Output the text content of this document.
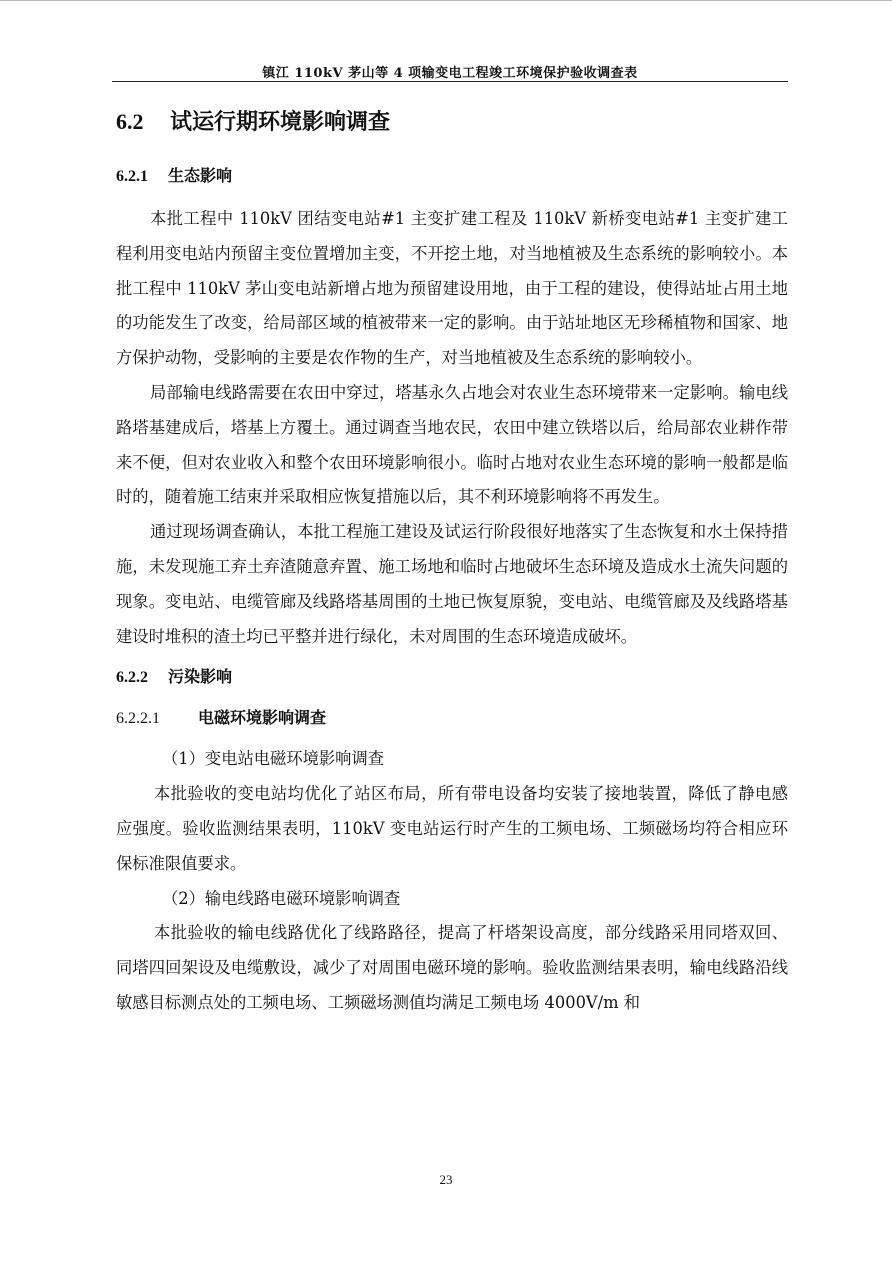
镇江 110kV 茅山等 4 项输变电工程竣工环境保护验收调查表
6.2 试运行期环境影响调查
6.2.1 生态影响

本批工程中 110kV 团结变电站#1 主变扩建工程及 110kV 新桥变电站#1 主变扩建工程利用变电站内预留主变位置增加主变，不开挖土地，对当地植被及生态系统的影响较小。本批工程中 110kV 茅山变电站新增占地为预留建设用地，由于工程的建设，使得站址占用土地的功能发生了改变，给局部区域的植被带来一定的影响。由于站址地区无珍稀植物和国家、地方保护动物，受影响的主要是农作物的生产，对当地植被及生态系统的影响较小。

局部输电线路需要在农田中穿过，塔基永久占地会对农业生态环境带来一定影响。输电线路塔基建成后，塔基上方覆土。通过调查当地农民，农田中建立铁塔以后，给局部农业耕作带来不便，但对农业收入和整个农田环境影响很小。临时占地对农业生态环境的影响一般都是临时的，随着施工结束并采取相应恢复措施以后，其不利环境影响将不再发生。

通过现场调查确认，本批工程施工建设及试运行阶段很好地落实了生态恢复和水土保持措施，未发现施工弃土弃渣随意弃置、施工场地和临时占地破坏生态环境及造成水土流失问题的现象。变电站、电缆管廊及线路塔基周围的土地已恢复原貌，变电站、电缆管廊及及线路塔基建设时堆积的渣土均已平整并进行绿化，未对周围的生态环境造成破坏。

6.2.2 污染影响
6.2.2.1 电磁环境影响调查

（1）变电站电磁环境影响调查

本批验收的变电站均优化了站区布局，所有带电设备均安装了接地装置，降低了静电感应强度。验收监测结果表明，110kV 变电站运行时产生的工频电场、工频磁场均符合相应环保标准限值要求。

（2）输电线路电磁环境影响调查

本批验收的输电线路优化了线路路径，提高了杆塔架设高度，部分线路采用同塔双回、同塔四回架设及电缆敷设，减少了对周围电磁环境的影响。验收监测结果表明，输电线路沿线敏感目标测点处的工频电场、工频磁场测值均满足工频电场 4000V/m 和

23
